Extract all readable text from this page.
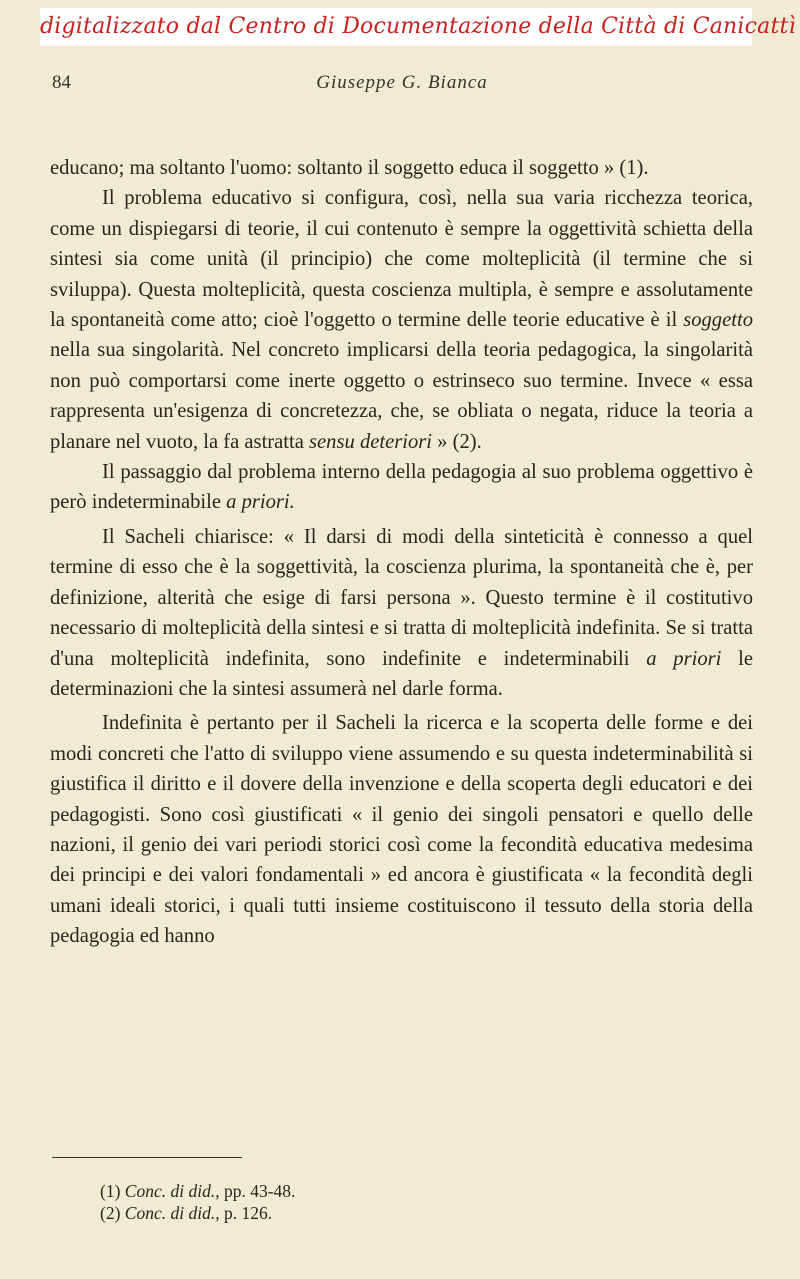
digitalizzato dal Centro di Documentazione della Città di Canicattì
84	Giuseppe G. Bianca

educano; ma soltanto l'uomo: soltanto il soggetto educa il soggetto » (1).

Il problema educativo si configura, così, nella sua varia ricchezza teorica, come un dispiegarsi di teorie, il cui contenuto è sempre la oggettività schietta della sintesi sia come unità (il principio) che come molteplicità (il termine che si sviluppa). Questa molteplicità, questa coscienza multipla, è sempre e assolutamente la spontaneità come atto; cioè l'oggetto o termine delle teorie educative è il soggetto nella sua singolarità. Nel concreto implicarsi della teoria pedagogica, la singolarità non può comportarsi come inerte oggetto o estrinseco suo termine. Invece « essa rappresenta un'esigenza di concretezza, che, se obliata o negata, riduce la teoria a planare nel vuoto, la fa astratta sensu deteriori » (2).

Il passaggio dal problema interno della pedagogia al suo problema oggettivo è però indeterminabile a priori.

Il Sacheli chiarisce: « Il darsi di modi della sinteticità è connesso a quel termine di esso che è la soggettività, la coscienza plurima, la spontaneità che è, per definizione, alterità che esige di farsi persona ». Questo termine è il costitutivo necessario di molteplicità della sintesi e si tratta di molteplicità indefinita. Se si tratta d'una molteplicità indefinita, sono indefinite e indeterminabili a priori le determinazioni che la sintesi assumerà nel darle forma.

Indefinita è pertanto per il Sacheli la ricerca e la scoperta delle forme e dei modi concreti che l'atto di sviluppo viene assumendo e su questa indeterminabilità si giustifica il diritto e il dovere della invenzione e della scoperta degli educatori e dei pedagogisti. Sono così giustificati « il genio dei singoli pensatori e quello delle nazioni, il genio dei vari periodi storici così come la fecondità educativa medesima dei principi e dei valori fondamentali » ed ancora è giustificata « la fecondità degli umani ideali storici, i quali tutti insieme costituiscono il tessuto della storia della pedagogia ed hanno

(1) Conc. di did., pp. 43-48.
(2) Conc. di did., p. 126.
